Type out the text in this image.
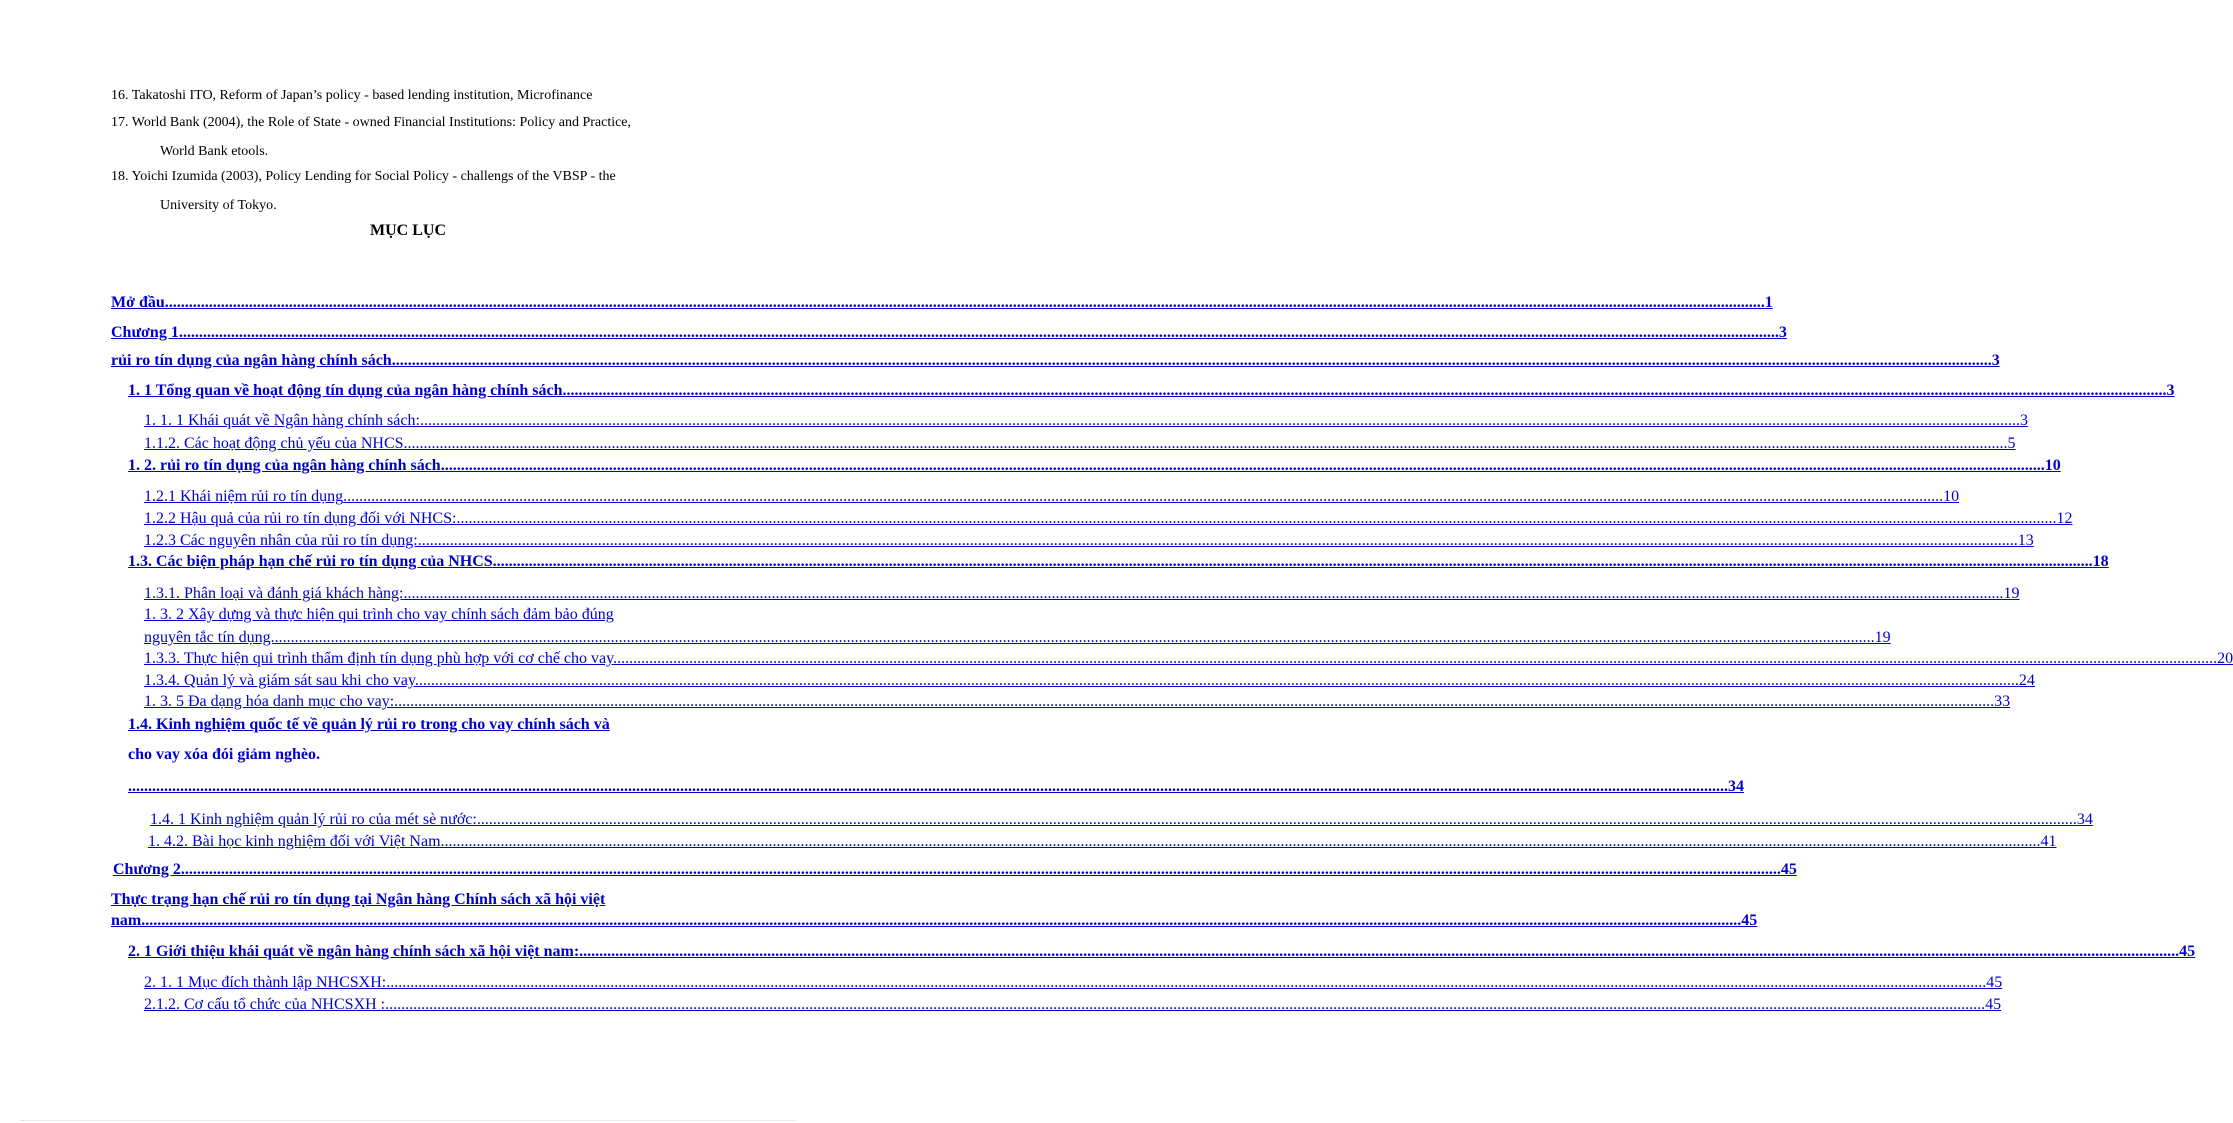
16. Takatoshi ITO, Reform of Japan’s policy - based lending institution, Microfinance
17. World Bank (2004), the Role of State - owned Financial Institutions: Policy and Practice,
World Bank etools.
18. Yoichi Izumida (2003), Policy Lending for Social Policy - challengs of the VBSP - the
University of Tokyo.
MỤC LỤC
Mở đầu ................................................................................................................................................................................................................................................................................................................................................................................................................ 1
Chương 1 ................................................................................................................................................................................................................................................................................................................................................................................................................ 3
rủi ro tín dụng của ngân hàng chính sách ................................................................................................................................................................................................................................................................................................................................................................................................................ 3
1. 1 Tổng quan về hoạt động tín dụng của ngân hàng chính sách. ................................................................................................................................................................................................................................................................................................................................................................................................................ 3
1. 1. 1 Khái quát về Ngân hàng chính sách: ................................................................................................................................................................................................................................................................................................................................................................................................................ 3
1.1.2. Các hoạt động chủ yếu của NHCS. ................................................................................................................................................................................................................................................................................................................................................................................................................ 5
1. 2. rủi ro tín dụng của ngân hàng chính sách. ................................................................................................................................................................................................................................................................................................................................................................................................................ 10
1.2.1 Khái niệm rủi ro tín dụng ................................................................................................................................................................................................................................................................................................................................................................................................................ 10
1.2.2 Hậu quả của rủi ro tín dụng đối với NHCS: ................................................................................................................................................................................................................................................................................................................................................................................................................ 12
1.2.3 Các nguyên nhân của rủi ro tín dụng: ................................................................................................................................................................................................................................................................................................................................................................................................................ 13
1.3. Các biện pháp hạn chế rủi ro tín dụng của NHCS ................................................................................................................................................................................................................................................................................................................................................................................................................ 18
1.3.1. Phân loại và đánh giá khách hàng: ................................................................................................................................................................................................................................................................................................................................................................................................................ 19
1. 3. 2 Xây dựng và thực hiện qui trình cho vay chính sách đảm bảo đúng
nguyên tắc tín dụng. ................................................................................................................................................................................................................................................................................................................................................................................................................ 19
1.3.3. Thực hiện qui trình thẩm định tín dụng phù hợp với cơ chế cho vay. ................................................................................................................................................................................................................................................................................................................................................................................................................ 20
1.3.4. Quản lý và giám sát sau khi cho vay. ................................................................................................................................................................................................................................................................................................................................................................................................................ 24
1. 3. 5 Đa dạng hóa danh mục cho vay: ................................................................................................................................................................................................................................................................................................................................................................................................................ 33
1.4. Kinh nghiệm quốc tế về quản lý rủi ro trong cho vay chính sách và
cho vay xóa đói giảm nghèo.
................................................................................................................................................................................................................................................................................................................................................................................................................ 34
1.4. 1 Kinh nghiệm quản lý rủi ro của mét sè nước: ................................................................................................................................................................................................................................................................................................................................................................................................................ 34
1. 4.2. Bài học kinh nghiệm đối với Việt Nam ................................................................................................................................................................................................................................................................................................................................................................................................................ 41
Chương 2 ................................................................................................................................................................................................................................................................................................................................................................................................................ 45
Thực trạng hạn chế rủi ro tín dụng tại Ngân hàng Chính sách xã hội việt
nam ................................................................................................................................................................................................................................................................................................................................................................................................................ 45
2. 1 Giới thiệu khái quát về ngân hàng chính sách xã hội việt nam: ................................................................................................................................................................................................................................................................................................................................................................................................................ 45
2. 1. 1 Mục đích thành lập NHCSXH: ................................................................................................................................................................................................................................................................................................................................................................................................................ 45
2.1.2. Cơ cấu tổ chức của NHCSXH : ................................................................................................................................................................................................................................................................................................................................................................................................................ 45
